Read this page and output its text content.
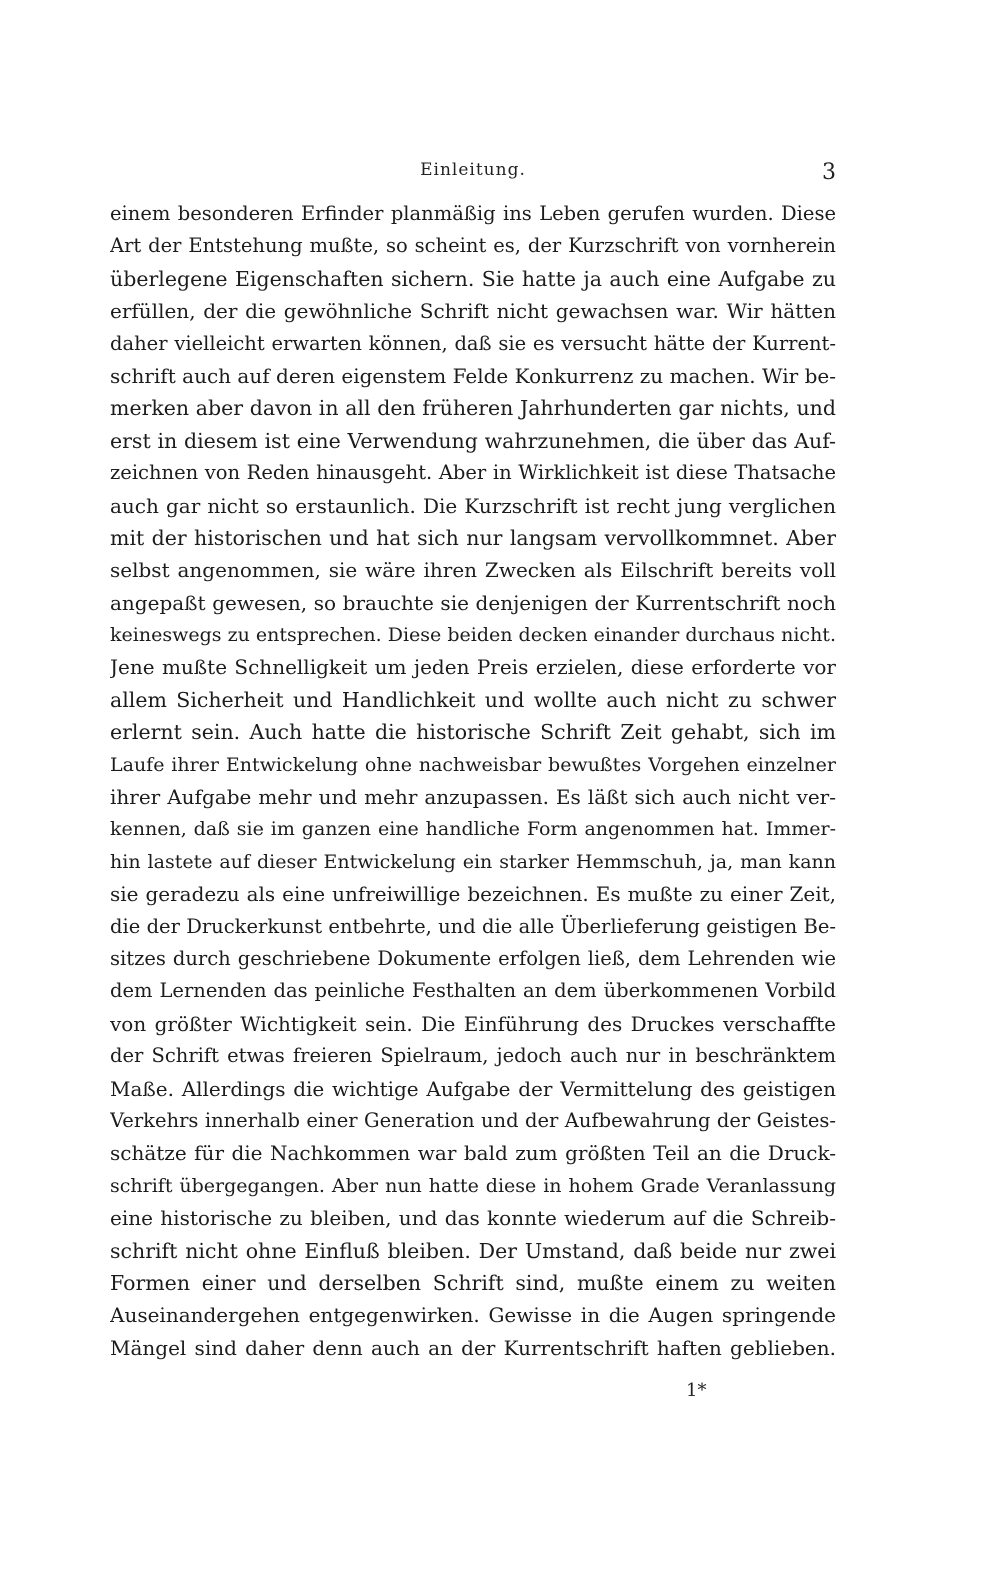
Einleitung.	3
einem besonderen Erfinder planmäßig ins Leben gerufen wurden. Diese
Art der Entstehung mußte, so scheint es, der Kurzschrift von vornherein
überlegene Eigenschaften sichern. Sie hatte ja auch eine Aufgabe zu
erfüllen, der die gewöhnliche Schrift nicht gewachsen war. Wir hätten
daher vielleicht erwarten können, daß sie es versucht hätte der Kurrent-
schrift auch auf deren eigenstem Felde Konkurrenz zu machen. Wir be-
merken aber davon in all den früheren Jahrhunderten gar nichts, und
erst in diesem ist eine Verwendung wahrzunehmen, die über das Auf-
zeichnen von Reden hinausgeht. Aber in Wirklichkeit ist diese Thatsache
auch gar nicht so erstaunlich. Die Kurzschrift ist recht jung verglichen
mit der historischen und hat sich nur langsam vervollkommnet. Aber
selbst angenommen, sie wäre ihren Zwecken als Eilschrift bereits voll
angepaßt gewesen, so brauchte sie denjenigen der Kurrentschrift noch
keineswegs zu entsprechen. Diese beiden decken einander durchaus nicht.
Jene mußte Schnelligkeit um jeden Preis erzielen, diese erforderte vor
allem Sicherheit und Handlichkeit und wollte auch nicht zu schwer
erlernt sein. Auch hatte die historische Schrift Zeit gehabt, sich im
Laufe ihrer Entwickelung ohne nachweisbar bewußtes Vorgehen einzelner
ihrer Aufgabe mehr und mehr anzupassen. Es läßt sich auch nicht ver-
kennen, daß sie im ganzen eine handliche Form angenommen hat. Immer-
hin lastete auf dieser Entwickelung ein starker Hemmschuh, ja, man kann
sie geradezu als eine unfreiwillige bezeichnen. Es mußte zu einer Zeit,
die der Druckerkunst entbehrte, und die alle Überlieferung geistigen Be-
sitzes durch geschriebene Dokumente erfolgen ließ, dem Lehrenden wie
dem Lernenden das peinliche Festhalten an dem überkommenen Vorbild
von größter Wichtigkeit sein. Die Einführung des Druckes verschaffte
der Schrift etwas freieren Spielraum, jedoch auch nur in beschränktem
Maße. Allerdings die wichtige Aufgabe der Vermittelung des geistigen
Verkehrs innerhalb einer Generation und der Aufbewahrung der Geistes-
schätze für die Nachkommen war bald zum größten Teil an die Druck-
schrift übergegangen. Aber nun hatte diese in hohem Grade Veranlassung
eine historische zu bleiben, und das konnte wiederum auf die Schreib-
schrift nicht ohne Einfluß bleiben. Der Umstand, daß beide nur zwei
Formen einer und derselben Schrift sind, mußte einem zu weiten
Auseinandergehen entgegenwirken. Gewisse in die Augen springende
Mängel sind daher denn auch an der Kurrentschrift haften geblieben.
1*
